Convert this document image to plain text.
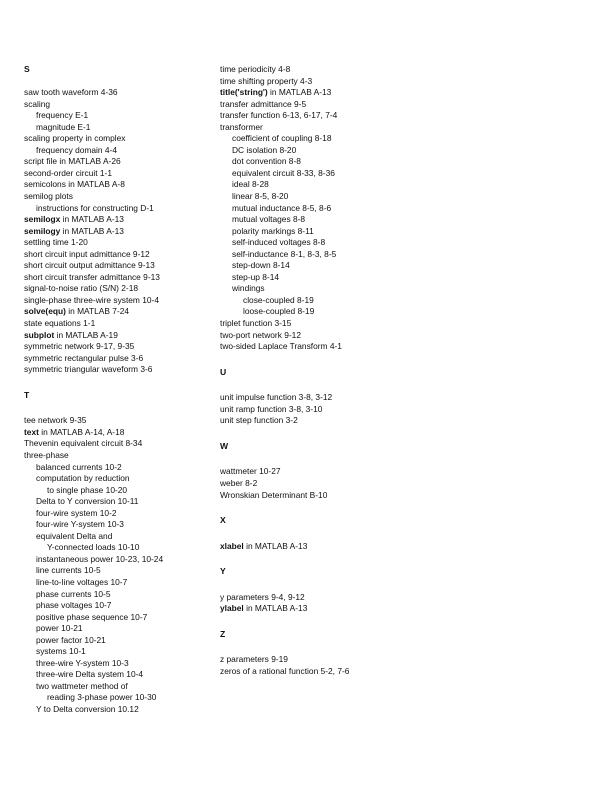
S
saw tooth waveform 4-36
scaling
frequency E-1
magnitude E-1
scaling property in complex
frequency domain 4-4
script file in MATLAB A-26
second-order circuit 1-1
semicolons in MATLAB A-8
semilog plots
instructions for constructing D-1
semilogx in MATLAB A-13
semilogy in MATLAB A-13
settling time 1-20
short circuit input admittance 9-12
short circuit output admittance 9-13
short circuit transfer admittance 9-13
signal-to-noise ratio (S/N) 2-18
single-phase three-wire system 10-4
solve(equ) in MATLAB 7-24
state equations 1-1
subplot in MATLAB A-19
symmetric network 9-17, 9-35
symmetric rectangular pulse 3-6
symmetric triangular waveform 3-6
T
tee network 9-35
text in MATLAB A-14, A-18
Thevenin equivalent circuit 8-34
three-phase
balanced currents 10-2
computation by reduction
to single phase 10-20
Delta to Y conversion 10-11
four-wire system 10-2
four-wire Y-system 10-3
equivalent Delta and
Y-connected loads 10-10
instantaneous power 10-23, 10-24
line currents 10-5
line-to-line voltages 10-7
phase currents 10-5
phase voltages 10-7
positive phase sequence 10-7
power 10-21
power factor 10-21
systems 10-1
three-wire Y-system 10-3
three-wire Delta system 10-4
two wattmeter method of
reading 3-phase power 10-30
Y to Delta conversion 10.12
time periodicity 4-8
time shifting property 4-3
title('string') in MATLAB A-13
transfer admittance 9-5
transfer function 6-13, 6-17, 7-4
transformer
coefficient of coupling 8-18
DC isolation 8-20
dot convention 8-8
equivalent circuit 8-33, 8-36
ideal 8-28
linear 8-5, 8-20
mutual inductance 8-5, 8-6
mutual voltages 8-8
polarity markings 8-11
self-induced voltages 8-8
self-inductance 8-1, 8-3, 8-5
step-down 8-14
step-up 8-14
windings
close-coupled 8-19
loose-coupled 8-19
triplet function 3-15
two-port network 9-12
two-sided Laplace Transform 4-1
U
unit impulse function 3-8, 3-12
unit ramp function 3-8, 3-10
unit step function 3-2
W
wattmeter 10-27
weber 8-2
Wronskian Determinant B-10
X
xlabel in MATLAB A-13
Y
y parameters 9-4, 9-12
ylabel in MATLAB A-13
Z
z parameters 9-19
zeros of a rational function 5-2, 7-6
